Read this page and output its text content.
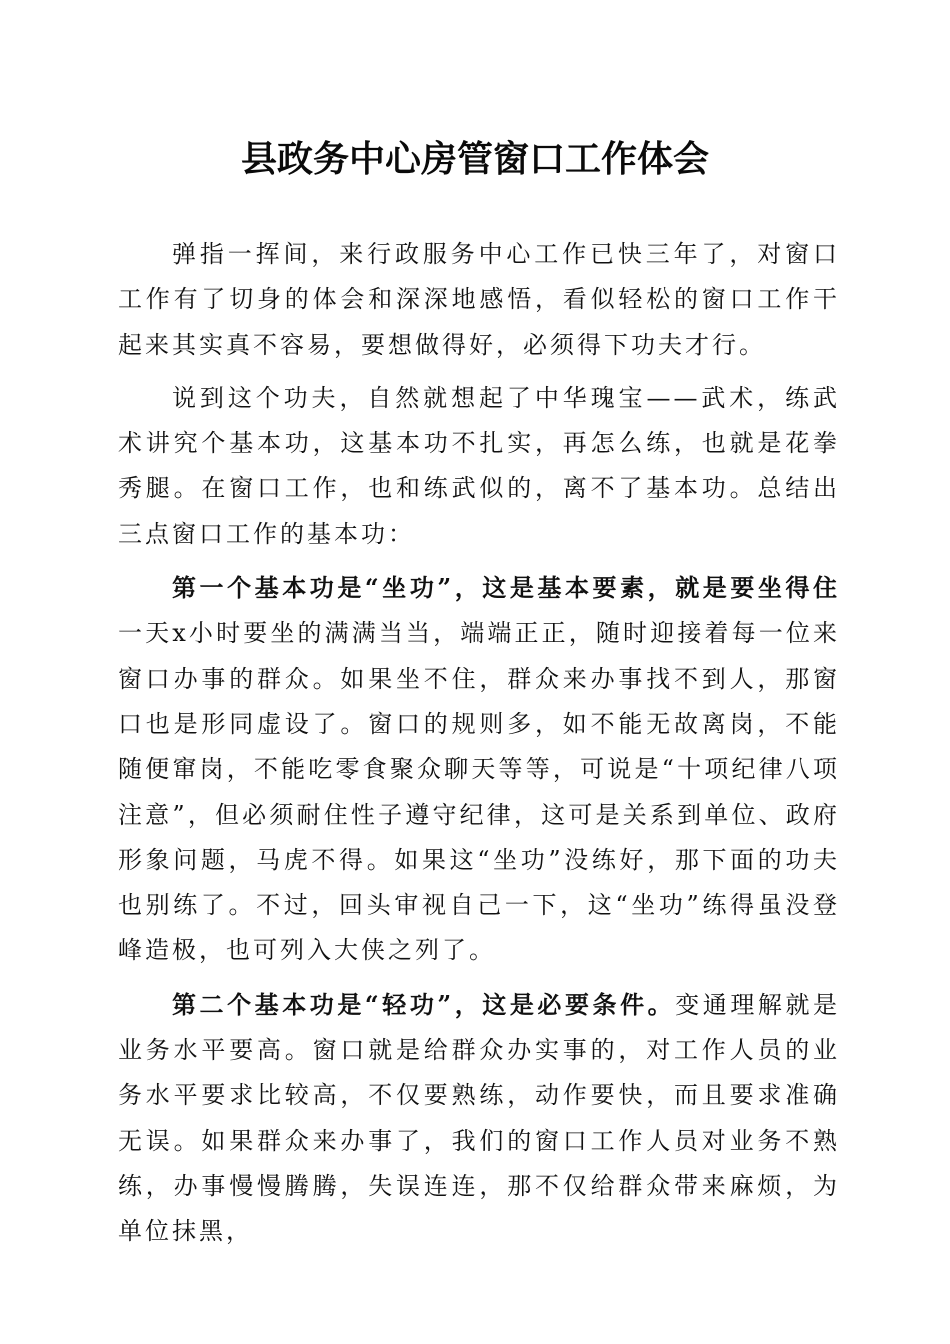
县政务中心房管窗口工作体会

弹指一挥间，来行政服务中心工作已快三年了，对窗口工作有了切身的体会和深深地感悟，看似轻松的窗口工作干起来其实真不容易，要想做得好，必须得下功夫才行。

说到这个功夫，自然就想起了中华瑰宝——武术，练武术讲究个基本功，这基本功不扎实，再怎么练，也就是花拳秀腿。在窗口工作，也和练武似的，离不了基本功。总结出三点窗口工作的基本功：

第一个基本功是“坐功”，这是基本要素，就是要坐得住一天x小时要坐的满满当当，端端正正，随时迎接着每一位来窗口办事的群众。如果坐不住，群众来办事找不到人，那窗口也是形同虚设了。窗口的规则多，如不能无故离岗，不能随便窜岗，不能吃零食聚众聊天等等，可说是“十项纪律八项注意”，但必须耐住性子遵守纪律，这可是关系到单位、政府形象问题，马虎不得。如果这“坐功”没练好，那下面的功夫也别练了。不过，回头审视自己一下，这“坐功”练得虽没登峰造极，也可列入大侠之列了。

第二个基本功是“轻功”，这是必要条件。变通理解就是业务水平要高。窗口就是给群众办实事的，对工作人员的业务水平要求比较高，不仅要熟练，动作要快，而且要求准确无误。如果群众来办事了，我们的窗口工作人员对业务不熟练，办事慢慢腾腾，失误连连，那不仅给群众带来麻烦，为单位抹黑，
